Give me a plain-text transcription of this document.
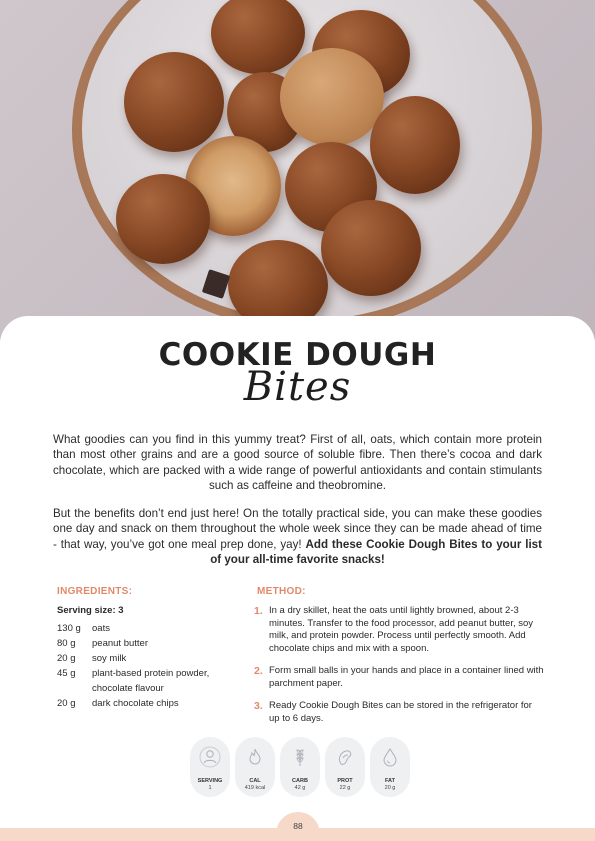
COOKIE DOUGH
Bites

What goodies can you find in this yummy treat? First of all, oats, which contain more protein than most other grains and are a good source of soluble fibre. Then there’s cocoa and dark chocolate, which are packed with a wide range of powerful antioxidants and contain stimulants such as caffeine and theobromine.

But the benefits don’t end just here! On the totally practical side, you can make these goodies one day and snack on them throughout the whole week since they can be made ahead of time - that way, you’ve got one meal prep done, yay! Add these Cookie Dough Bites to your list of your all-time favorite snacks!

INGREDIENTS:	METHOD:
Serving size: 3
130 g	oats
80 g	peanut butter
20 g	soy milk
45 g	plant-based protein powder, chocolate flavour
20 g	dark chocolate chips
1. In a dry skillet, heat the oats until lightly browned, about 2-3 minutes. Transfer to the food processor, add peanut butter, soy milk, and protein powder. Process until perfectly smooth. Add chocolate chips and mix with a spoon.
2. Form small balls in your hands and place in a container lined with parchment paper.
3. Ready Cookie Dough Bites can be stored in the refrigerator for up to 6 days.
SERVING
1
CAL
419 kcal
CARB
42 g
PROT
22 g
FAT
20 g
88
